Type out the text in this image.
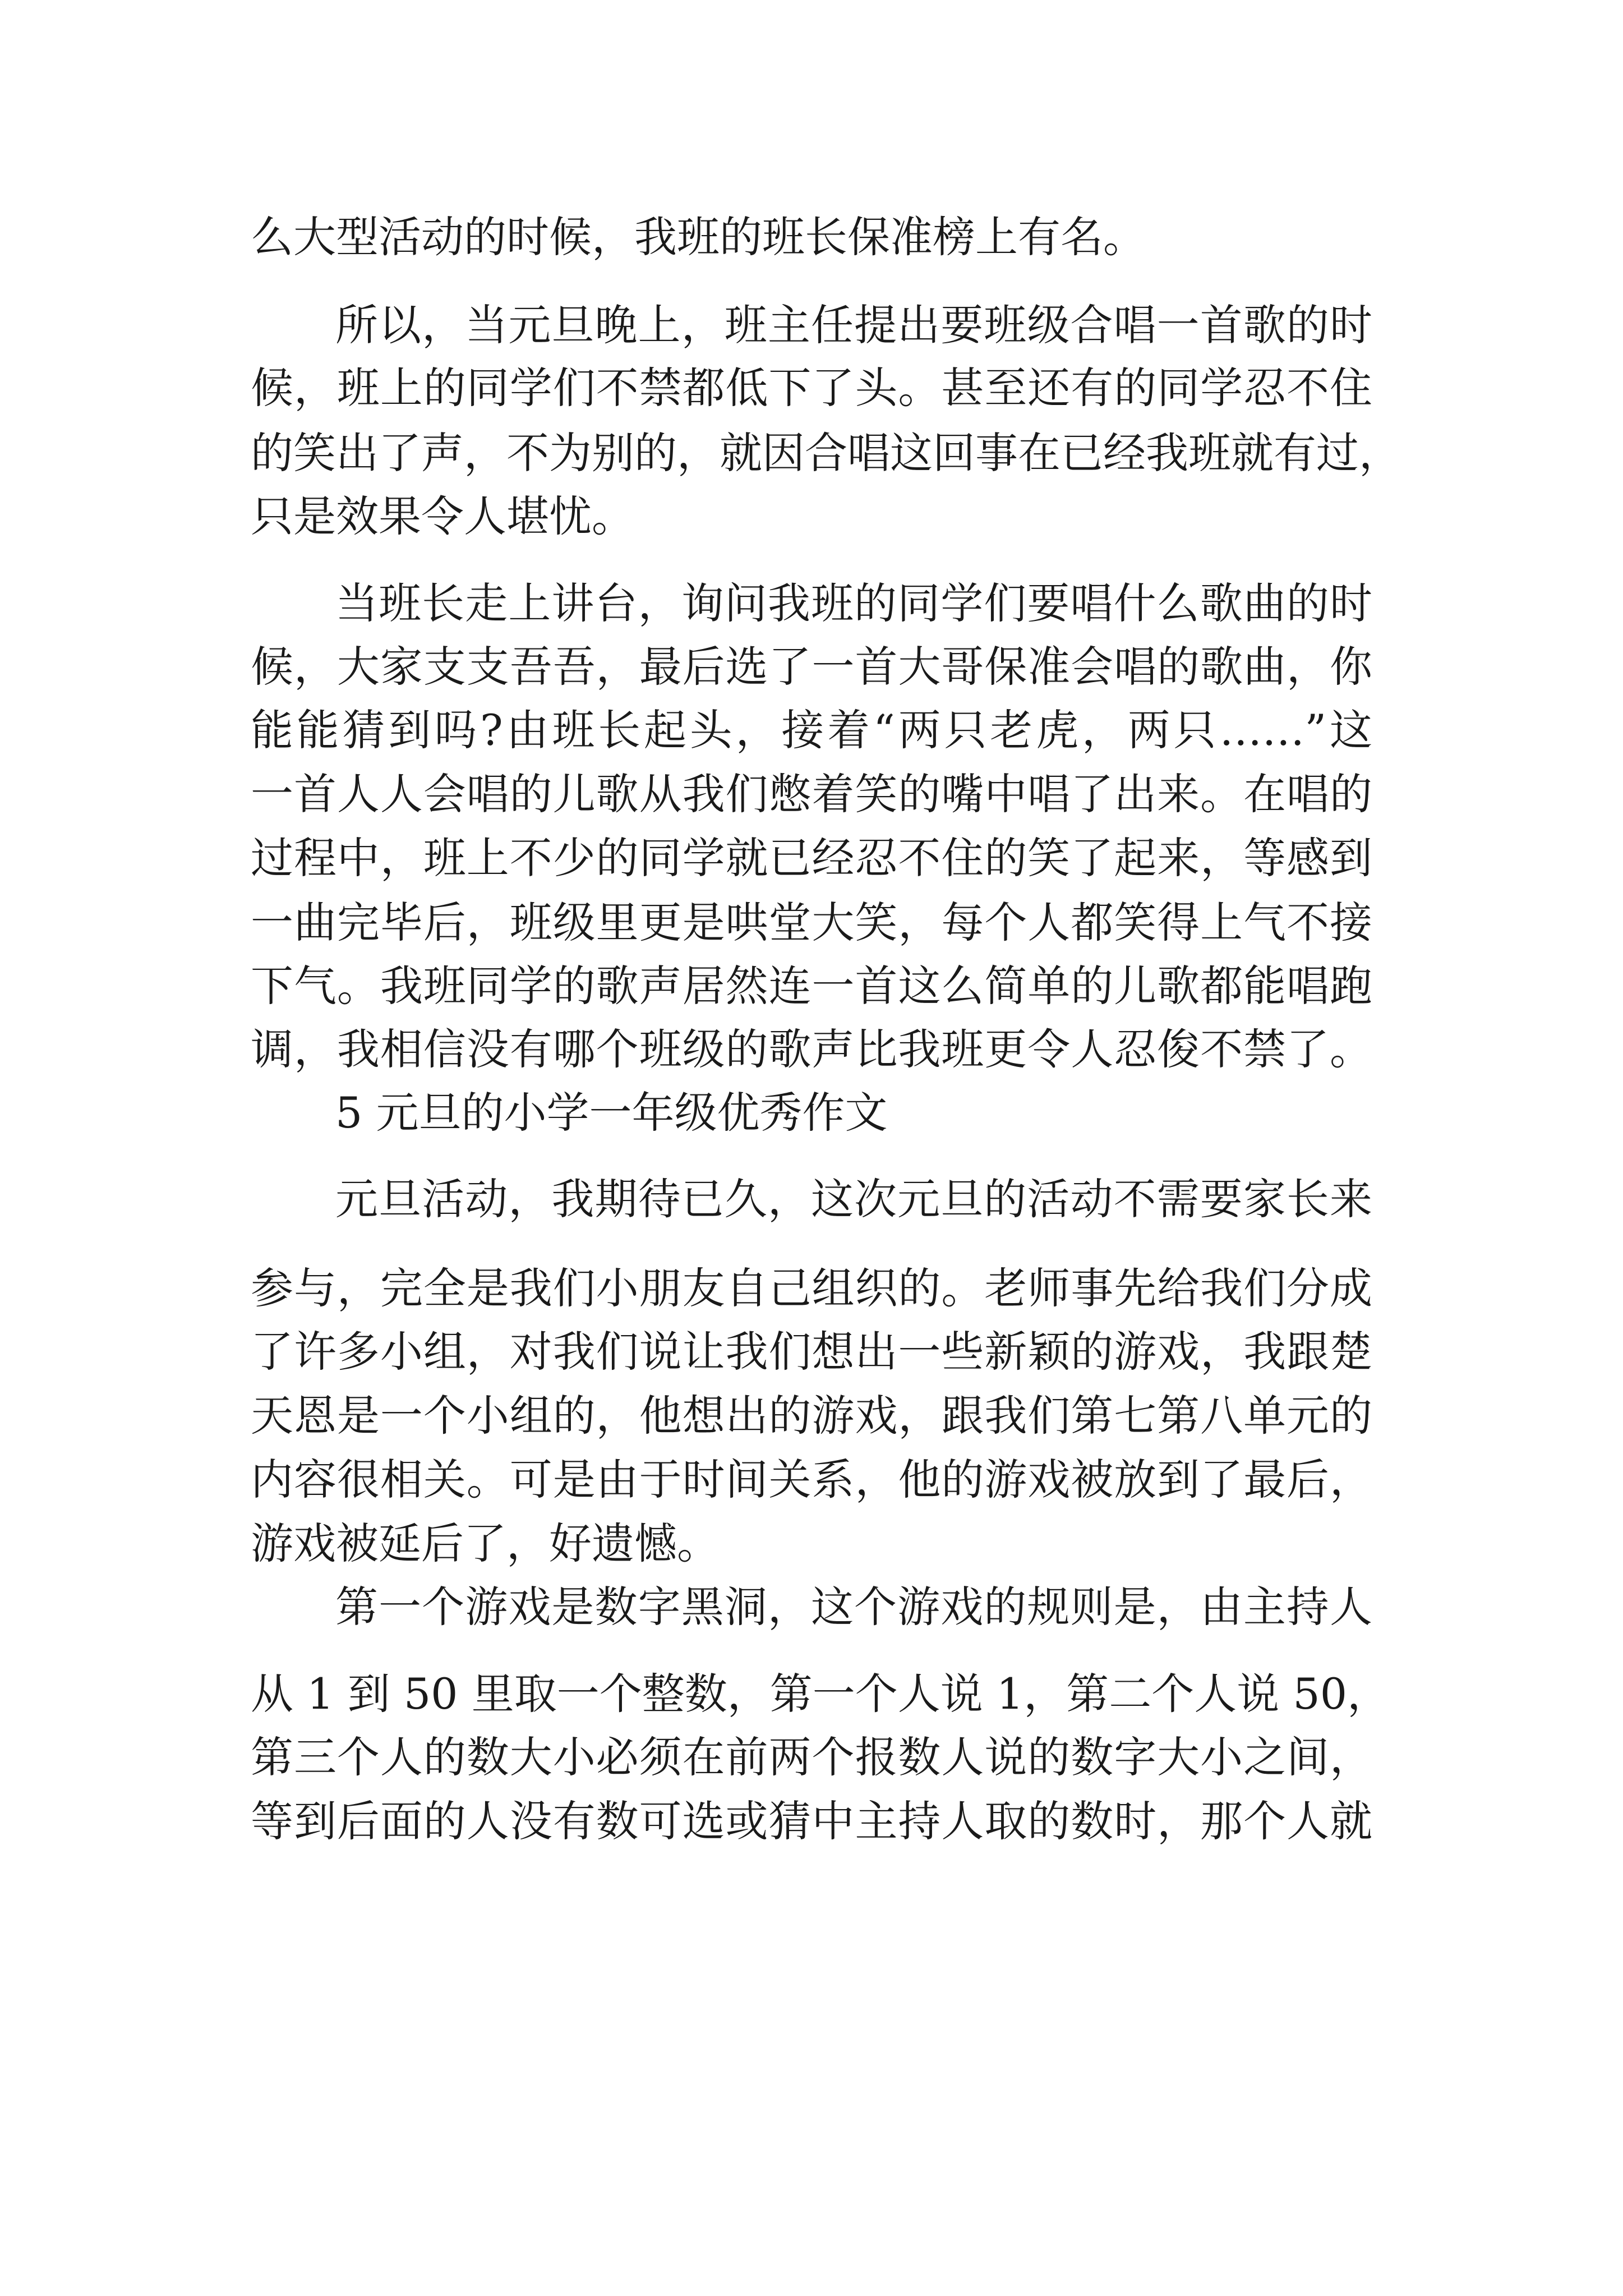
么大型活动的时候，我班的班长保准榜上有名。
所以，当元旦晚上，班主任提出要班级合唱一首歌的时
候，班上的同学们不禁都低下了头。甚至还有的同学忍不住
的笑出了声，不为别的，就因合唱这回事在已经我班就有过，
只是效果令人堪忧。
当班长走上讲台，询问我班的同学们要唱什么歌曲的时
候，大家支支吾吾，最后选了一首大哥保准会唱的歌曲，你
能能猜到吗?由班长起头，接着“两只老虎，两只……”这
一首人人会唱的儿歌从我们憋着笑的嘴中唱了出来。在唱的
过程中，班上不少的同学就已经忍不住的笑了起来，等感到
一曲完毕后，班级里更是哄堂大笑，每个人都笑得上气不接
下气。我班同学的歌声居然连一首这么简单的儿歌都能唱跑
调，我相信没有哪个班级的歌声比我班更令人忍俊不禁了。
5 元旦的小学一年级优秀作文
元旦活动，我期待已久，这次元旦的活动不需要家长来
参与，完全是我们小朋友自己组织的。老师事先给我们分成
了许多小组，对我们说让我们想出一些新颖的游戏，我跟楚
天恩是一个小组的，他想出的游戏，跟我们第七第八单元的
内容很相关。可是由于时间关系，他的游戏被放到了最后，
游戏被延后了，好遗憾。
第一个游戏是数字黑洞，这个游戏的规则是，由主持人
从 1 到 50 里取一个整数，第一个人说 1，第二个人说 50，
第三个人的数大小必须在前两个报数人说的数字大小之间，
等到后面的人没有数可选或猜中主持人取的数时，那个人就
